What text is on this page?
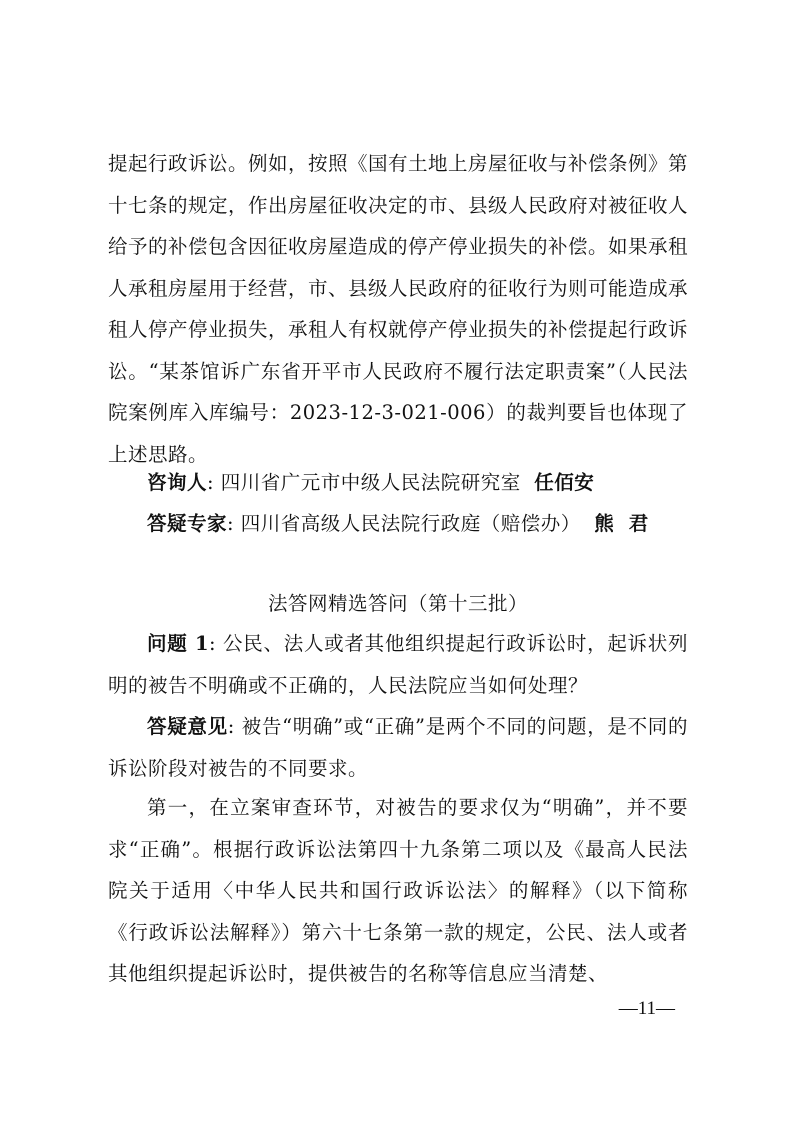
提起行政诉讼。例如，按照《国有土地上房屋征收与补偿条例》第十七条的规定，作出房屋征收决定的市、县级人民政府对被征收人给予的补偿包含因征收房屋造成的停产停业损失的补偿。如果承租人承租房屋用于经营，市、县级人民政府的征收行为则可能造成承租人停产停业损失，承租人有权就停产停业损失的补偿提起行政诉讼。“某茶馆诉广东省开平市人民政府不履行法定职责案”（人民法院案例库入库编号：2023-12-3-021-006）的裁判要旨也体现了上述思路。

咨询人: 四川省广元市中级人民法院研究室 任佰安

答疑专家: 四川省高级人民法院行政庭（赔偿办） 熊  君

法答网精选答问（第十三批）

问题 1: 公民、法人或者其他组织提起行政诉讼时，起诉状列明的被告不明确或不正确的，人民法院应当如何处理？

答疑意见: 被告“明确”或“正确”是两个不同的问题，是不同的诉讼阶段对被告的不同要求。

第一，在立案审查环节，对被告的要求仅为“明确”，并不要求“正确”。根据行政诉讼法第四十九条第二项以及《最高人民法院关于适用〈中华人民共和国行政诉讼法〉的解释》（以下简称《行政诉讼法解释》）第六十七条第一款的规定，公民、法人或者其他组织提起诉讼时，提供被告的名称等信息应当清楚、

—11—
